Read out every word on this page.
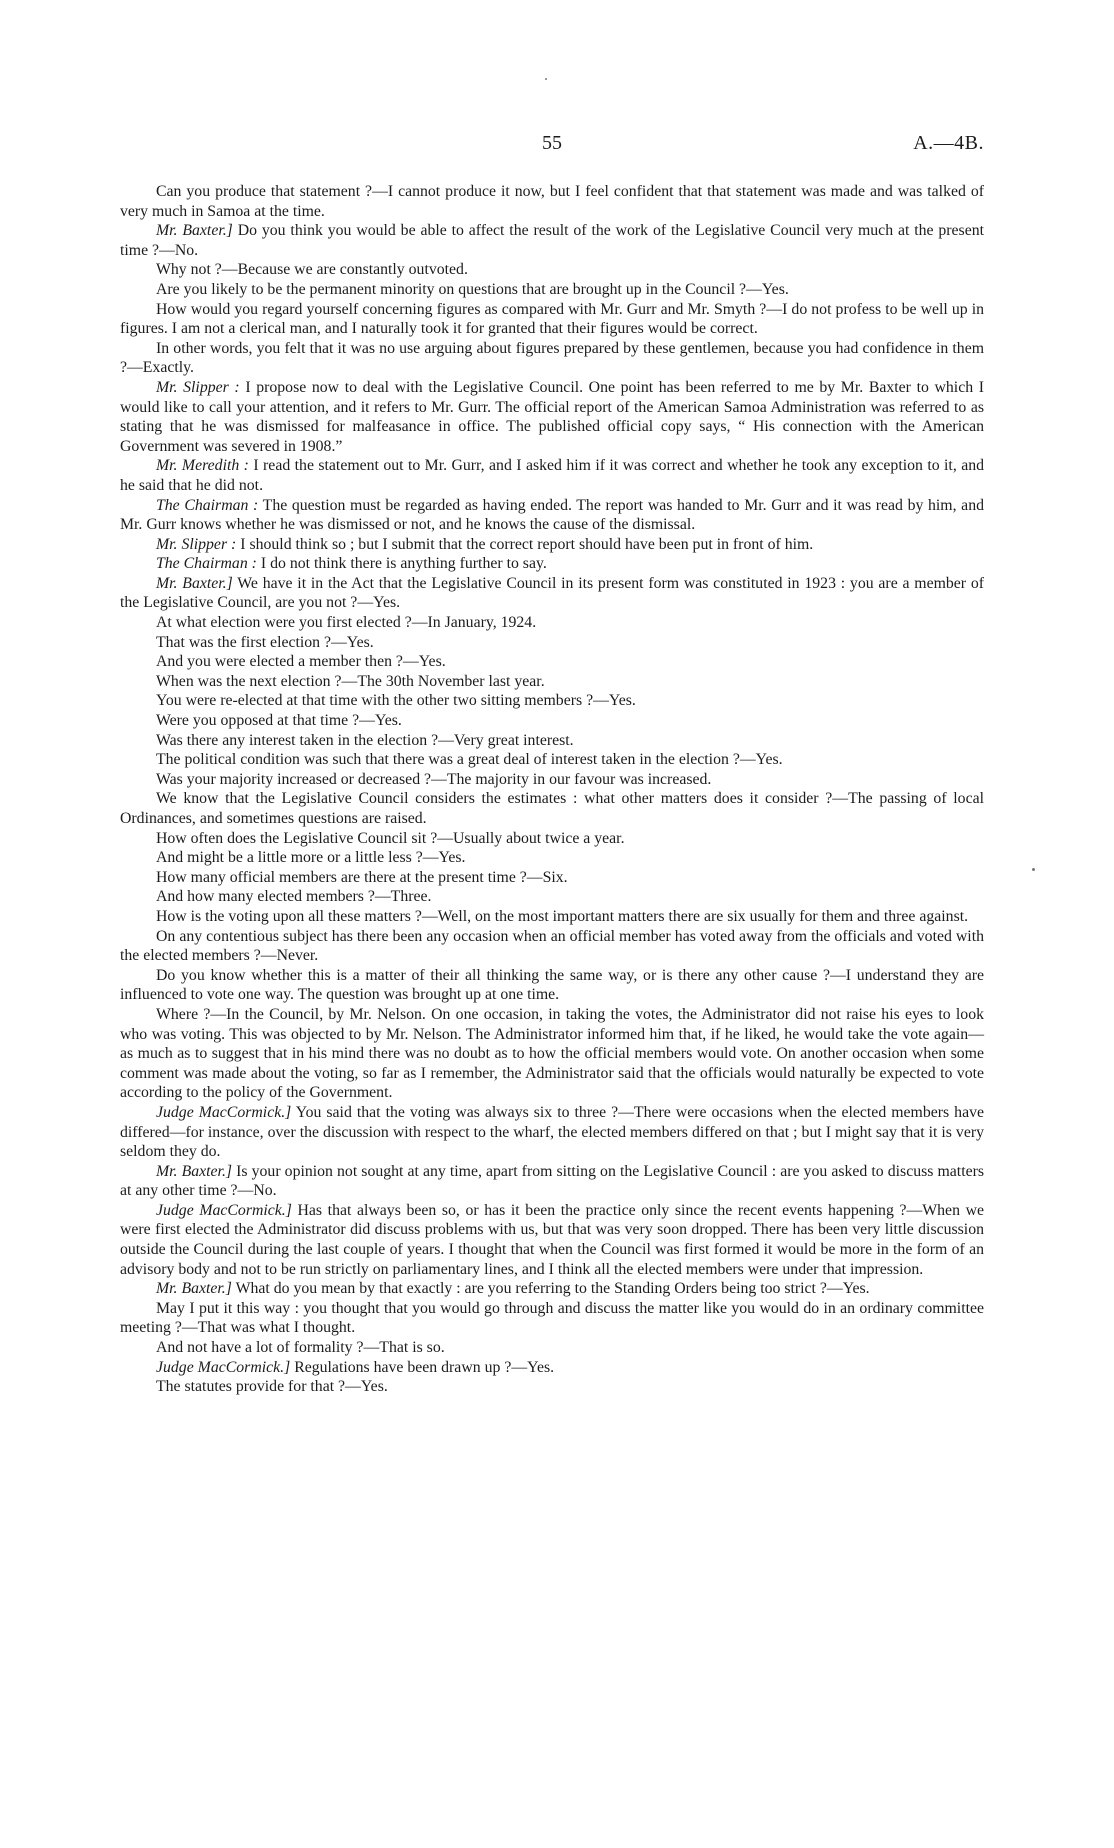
55	A.—4B.

Can you produce that statement ?—I cannot produce it now, but I feel confident that that statement was made and was talked of very much in Samoa at the time.

Mr. Baxter.] Do you think you would be able to affect the result of the work of the Legislative Council very much at the present time ?—No.

Why not ?—Because we are constantly outvoted.

Are you likely to be the permanent minority on questions that are brought up in the Council ?—Yes.

How would you regard yourself concerning figures as compared with Mr. Gurr and Mr. Smyth ?—I do not profess to be well up in figures. I am not a clerical man, and I naturally took it for granted that their figures would be correct.

In other words, you felt that it was no use arguing about figures prepared by these gentlemen, because you had confidence in them ?—Exactly.

Mr. Slipper : I propose now to deal with the Legislative Council. One point has been referred to me by Mr. Baxter to which I would like to call your attention, and it refers to Mr. Gurr. The official report of the American Samoa Administration was referred to as stating that he was dismissed for malfeasance in office. The published official copy says, “ His connection with the American Government was severed in 1908.”

Mr. Meredith : I read the statement out to Mr. Gurr, and I asked him if it was correct and whether he took any exception to it, and he said that he did not.

The Chairman : The question must be regarded as having ended. The report was handed to Mr. Gurr and it was read by him, and Mr. Gurr knows whether he was dismissed or not, and he knows the cause of the dismissal.

Mr. Slipper : I should think so ; but I submit that the correct report should have been put in front of him.

The Chairman : I do not think there is anything further to say.

Mr. Baxter.] We have it in the Act that the Legislative Council in its present form was constituted in 1923 : you are a member of the Legislative Council, are you not ?—Yes.

At what election were you first elected ?—In January, 1924.

That was the first election ?—Yes.

And you were elected a member then ?—Yes.

When was the next election ?—The 30th November last year.

You were re-elected at that time with the other two sitting members ?—Yes.

Were you opposed at that time ?—Yes.

Was there any interest taken in the election ?—Very great interest.

The political condition was such that there was a great deal of interest taken in the election ?—Yes.

Was your majority increased or decreased ?—The majority in our favour was increased.

We know that the Legislative Council considers the estimates : what other matters does it consider ?—The passing of local Ordinances, and sometimes questions are raised.

How often does the Legislative Council sit ?—Usually about twice a year.

And might be a little more or a little less ?—Yes.

How many official members are there at the present time ?—Six.

And how many elected members ?—Three.

How is the voting upon all these matters ?—Well, on the most important matters there are six usually for them and three against.

On any contentious subject has there been any occasion when an official member has voted away from the officials and voted with the elected members ?—Never.

Do you know whether this is a matter of their all thinking the same way, or is there any other cause ?—I understand they are influenced to vote one way. The question was brought up at one time.

Where ?—In the Council, by Mr. Nelson. On one occasion, in taking the votes, the Administrator did not raise his eyes to look who was voting. This was objected to by Mr. Nelson. The Administrator informed him that, if he liked, he would take the vote again—as much as to suggest that in his mind there was no doubt as to how the official members would vote. On another occasion when some comment was made about the voting, so far as I remember, the Administrator said that the officials would naturally be expected to vote according to the policy of the Government.

Judge MacCormick.] You said that the voting was always six to three ?—There were occasions when the elected members have differed—for instance, over the discussion with respect to the wharf, the elected members differed on that ; but I might say that it is very seldom they do.

Mr. Baxter.] Is your opinion not sought at any time, apart from sitting on the Legislative Council : are you asked to discuss matters at any other time ?—No.

Judge MacCormick.] Has that always been so, or has it been the practice only since the recent events happening ?—When we were first elected the Administrator did discuss problems with us, but that was very soon dropped. There has been very little discussion outside the Council during the last couple of years. I thought that when the Council was first formed it would be more in the form of an advisory body and not to be run strictly on parliamentary lines, and I think all the elected members were under that impression.

Mr. Baxter.] What do you mean by that exactly : are you referring to the Standing Orders being too strict ?—Yes.

May I put it this way : you thought that you would go through and discuss the matter like you would do in an ordinary committee meeting ?—That was what I thought.

And not have a lot of formality ?—That is so.

Judge MacCormick.] Regulations have been drawn up ?—Yes.

The statutes provide for that ?—Yes.
